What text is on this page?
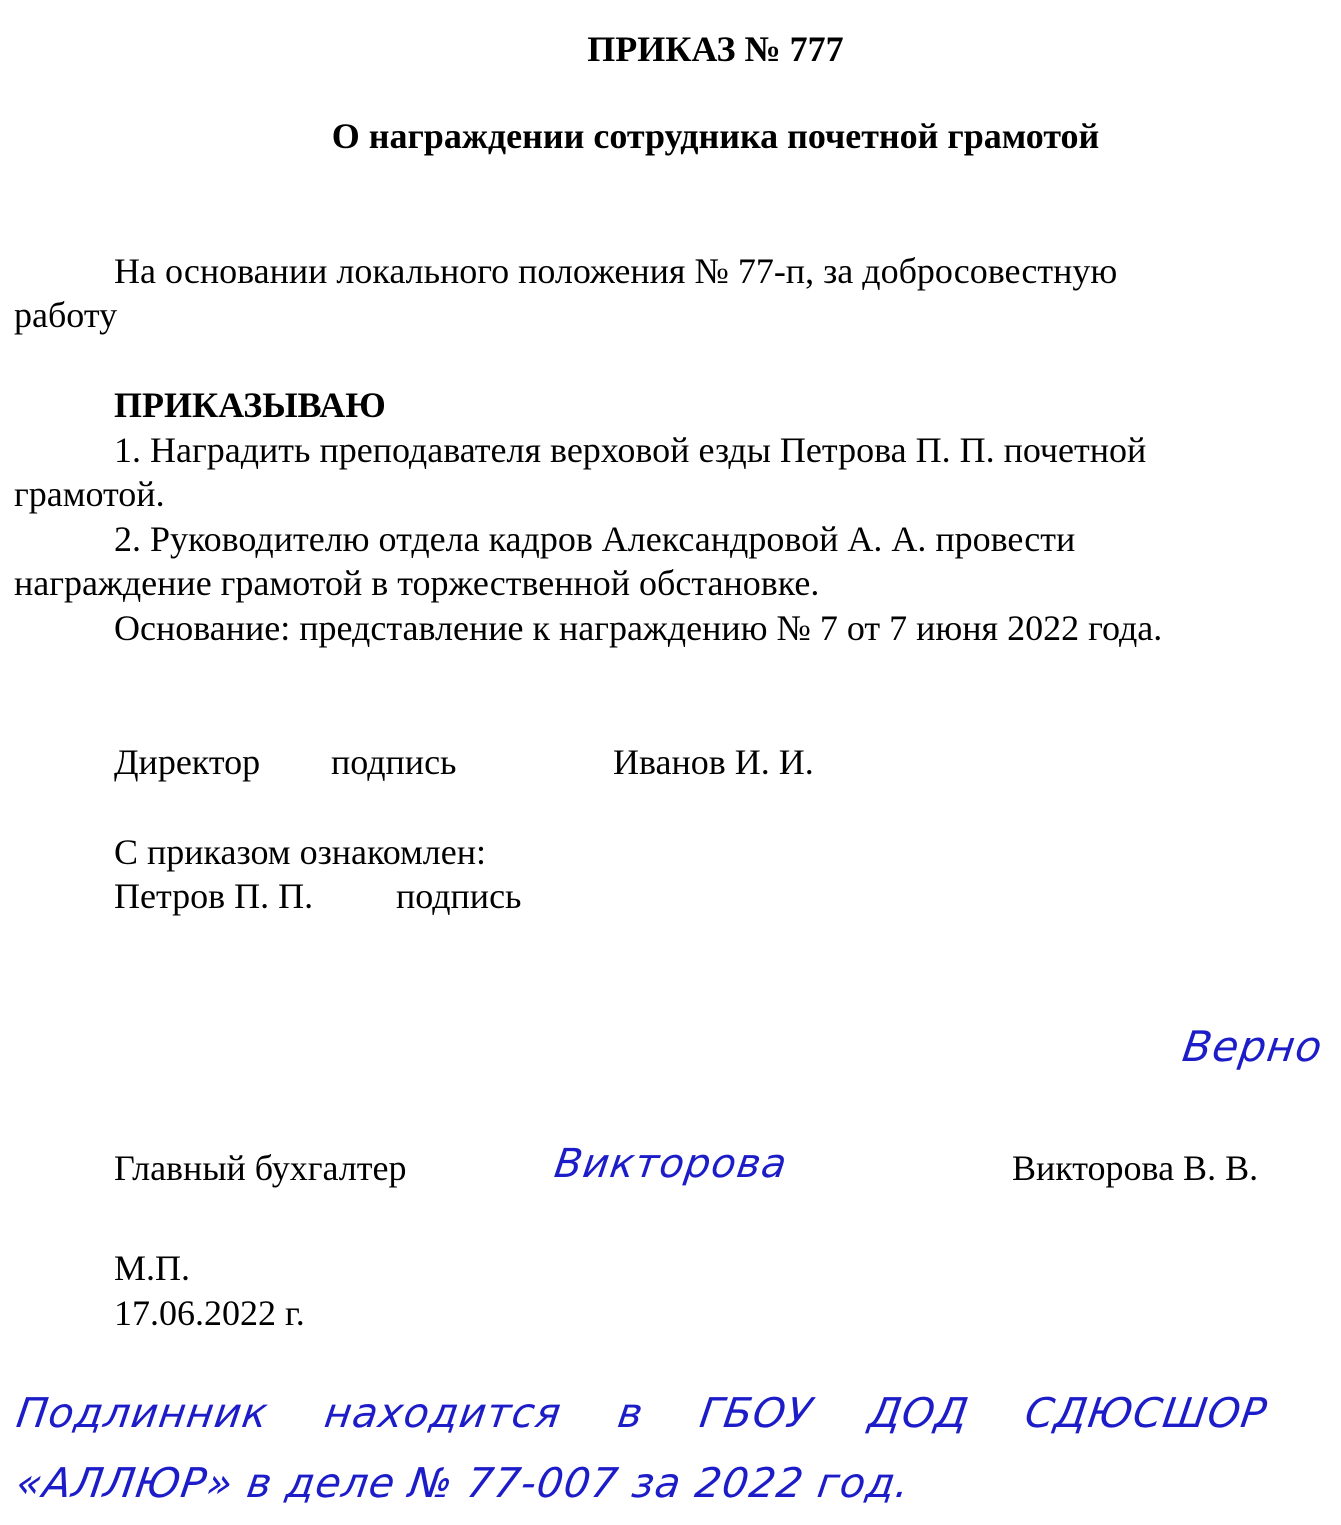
ПРИКАЗ № 777
О награждении сотрудника почетной грамотой
На основании локального положения № 77-п, за добросовестную
работу
ПРИКАЗЫВАЮ
1. Наградить преподавателя верховой езды Петрова П. П. почетной
грамотой.
2. Руководителю отдела кадров Александровой А. А. провести
награждение грамотой в торжественной обстановке.
Основание: представление к награждению № 7 от 7 июня 2022 года.
Директор подпись	Иванов И. И.
С приказом ознакомлен:
Петров П. П. подпись
Верно
Главный бухгалтер	Викторова	Викторова В. В.
М.П.
17.06.2022 г.
Подлинник находится в ГБОУ ДОД СДЮСШОР
«АЛЛЮР» в деле № 77-007 за 2022 год.
